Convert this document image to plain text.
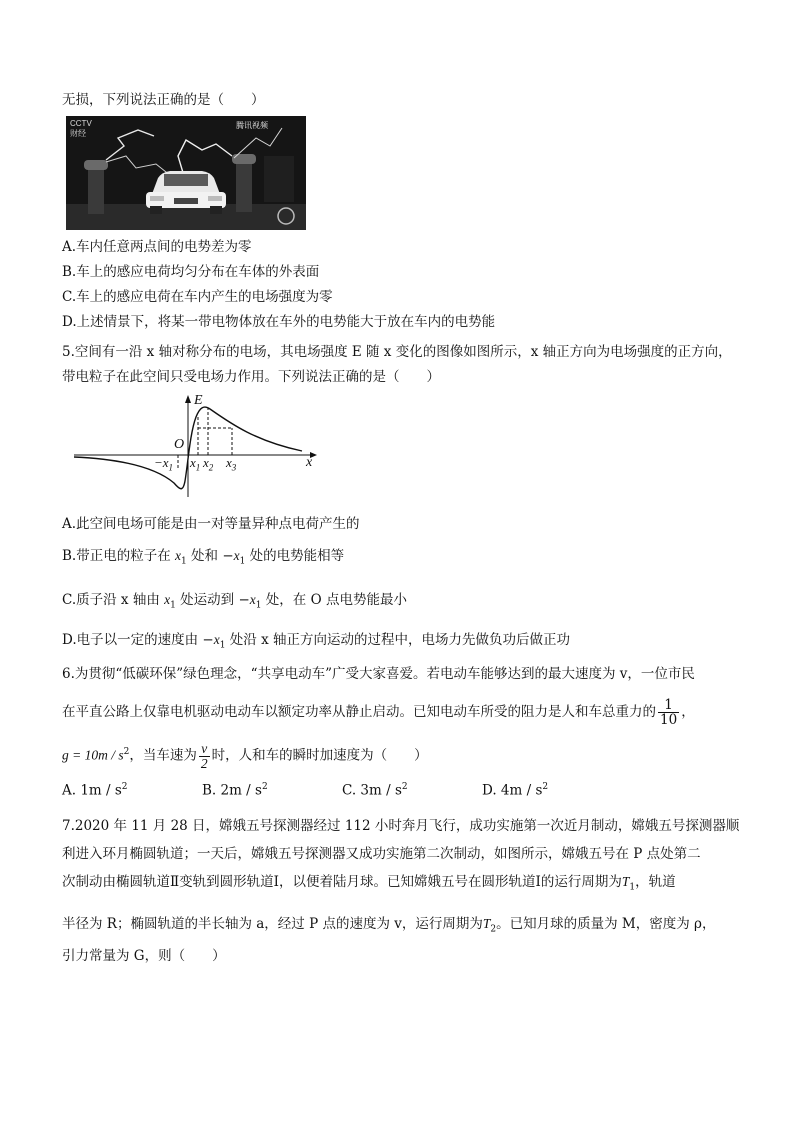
无损，下列说法正确的是（　　）
CCTV
财经
腾讯视频
A.车内任意两点间的电势差为零
B.车上的感应电荷均匀分布在车体的外表面
C.车上的感应电荷在车内产生的电场强度为零
D.上述情景下，将某一带电物体放在车外的电势能大于放在车内的电势能
5.空间有一沿 x 轴对称分布的电场，其电场强度 E 随 x 变化的图像如图所示，x 轴正方向为电场强度的正方向，
带电粒子在此空间只受电场力作用。下列说法正确的是（　　）
E
O
x
$-x_1$ $x_1$ $x_2$ $x_3$
A.此空间电场可能是由一对等量异种点电荷产生的
B.带正电的粒子在 $x_1$ 处和 $-x_1$ 处的电势能相等
C.质子沿 x 轴由 $x_1$ 处运动到 $-x_1$ 处，在 O 点电势能最小
D.电子以一定的速度由 $-x_1$ 处沿 x 轴正方向运动的过程中，电场力先做负功后做正功
6.为贯彻“低碳环保”绿色理念，“共享电动车”广受大家喜爱。若电动车能够达到的最大速度为 v，一位市民
在平直公路上仅靠电机驱动电动车以额定功率从静止启动。已知电动车所受的阻力是人和车总重力的 $\frac{1}{10}$ ，
$g = 10m / s^2$，当车速为 $\frac{v}{2}$ 时，人和车的瞬时加速度为（　　）
A. $1m / s^2$	B. $2m / s^2$	C. $3m / s^2$	D. $4m / s^2$
7.2020 年 11 月 28 日，嫦娥五号探测器经过 112 小时奔月飞行，成功实施第一次近月制动，嫦娥五号探测器顺
利进入环月椭圆轨道；一天后，嫦娥五号探测器又成功实施第二次制动，如图所示，嫦娥五号在 P 点处第二
次制动由椭圆轨道Ⅱ变轨到圆形轨道Ⅰ，以便着陆月球。已知嫦娥五号在圆形轨道Ⅰ的运行周期为$T_1$，轨道
半径为 R；椭圆轨道的半长轴为 a，经过 P 点的速度为 v，运行周期为$T_2$。已知月球的质量为 M，密度为 ρ，
引力常量为 G，则（　　）
